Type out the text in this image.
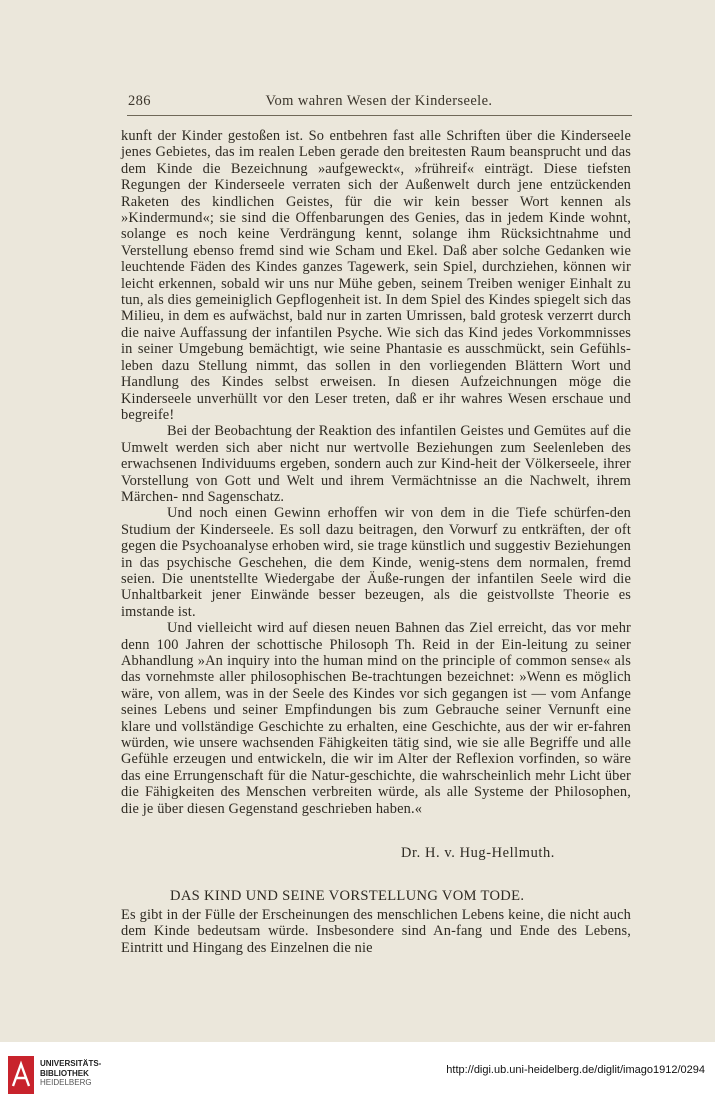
286	Vom wahren Wesen der Kinderseele.

kunft der Kinder gestoßen ist. So entbehren fast alle Schriften über die Kinderseele jenes Gebietes, das im realen Leben gerade den breitesten Raum beansprucht und das dem Kinde die Bezeichnung »aufgeweckt«, »frühreif« einträgt. Diese tiefsten Regungen der Kinderseele verraten sich der Außenwelt durch jene entzückenden Raketen des kindlichen Geistes, für die wir kein besser Wort kennen als »Kindermund«; sie sind die Offenbarungen des Genies, das in jedem Kinde wohnt, solange es noch keine Verdrängung kennt, solange ihm Rücksichtnahme und Verstellung ebenso fremd sind wie Scham und Ekel. Daß aber solche Gedanken wie leuchtende Fäden des Kindes ganzes Tagewerk, sein Spiel, durchziehen, können wir leicht erkennen, sobald wir uns nur Mühe geben, seinem Treiben weniger Einhalt zu tun, als dies gemeiniglich Gepflogenheit ist. In dem Spiel des Kindes spiegelt sich das Milieu, in dem es aufwächst, bald nur in zarten Umrissen, bald grotesk verzerrt durch die naive Auffassung der infantilen Psyche. Wie sich das Kind jedes Vorkommnisses in seiner Umgebung bemächtigt, wie seine Phantasie es ausschmückt, sein Gefühls-leben dazu Stellung nimmt, das sollen in den vorliegenden Blättern Wort und Handlung des Kindes selbst erweisen. In diesen Aufzeichnungen möge die Kinderseele unverhüllt vor den Leser treten, daß er ihr wahres Wesen erschaue und begreife!

Bei der Beobachtung der Reaktion des infantilen Geistes und Gemütes auf die Umwelt werden sich aber nicht nur wertvolle Beziehungen zum Seelenleben des erwachsenen Individuums ergeben, sondern auch zur Kind-heit der Völkerseele, ihrer Vorstellung von Gott und Welt und ihrem Vermächtnisse an die Nachwelt, ihrem Märchen- nnd Sagenschatz.

Und noch einen Gewinn erhoffen wir von dem in die Tiefe schürfen-den Studium der Kinderseele. Es soll dazu beitragen, den Vorwurf zu entkräften, der oft gegen die Psychoanalyse erhoben wird, sie trage künstlich und suggestiv Beziehungen in das psychische Geschehen, die dem Kinde, wenig-stens dem normalen, fremd seien. Die unentstellte Wiedergabe der Äuße-rungen der infantilen Seele wird die Unhaltbarkeit jener Einwände besser bezeugen, als die geistvollste Theorie es imstande ist.

Und vielleicht wird auf diesen neuen Bahnen das Ziel erreicht, das vor mehr denn 100 Jahren der schottische Philosoph Th. Reid in der Ein-leitung zu seiner Abhandlung »An inquiry into the human mind on the principle of common sense« als das vornehmste aller philosophischen Be-trachtungen bezeichnet: »Wenn es möglich wäre, von allem, was in der Seele des Kindes vor sich gegangen ist — vom Anfange seines Lebens und seiner Empfindungen bis zum Gebrauche seiner Vernunft eine klare und vollständige Geschichte zu erhalten, eine Geschichte, aus der wir er-fahren würden, wie unsere wachsenden Fähigkeiten tätig sind, wie sie alle Begriffe und alle Gefühle erzeugen und entwickeln, die wir im Alter der Reflexion vorfinden, so wäre das eine Errungenschaft für die Natur-geschichte, die wahrscheinlich mehr Licht über die Fähigkeiten des Menschen verbreiten würde, als alle Systeme der Philosophen, die je über diesen Gegenstand geschrieben haben.«

Dr. H. v. Hug-Hellmuth.
DAS KIND UND SEINE VORSTELLUNG VOM TODE.

Es gibt in der Fülle der Erscheinungen des menschlichen Lebens keine, die nicht auch dem Kinde bedeutsam würde. Insbesondere sind An-fang und Ende des Lebens, Eintritt und Hingang des Einzelnen die nie

UNIVERSITÄTS-
BIBLIOTHEK
HEIDELBERG
http://digi.ub.uni-heidelberg.de/diglit/imago1912/0294
